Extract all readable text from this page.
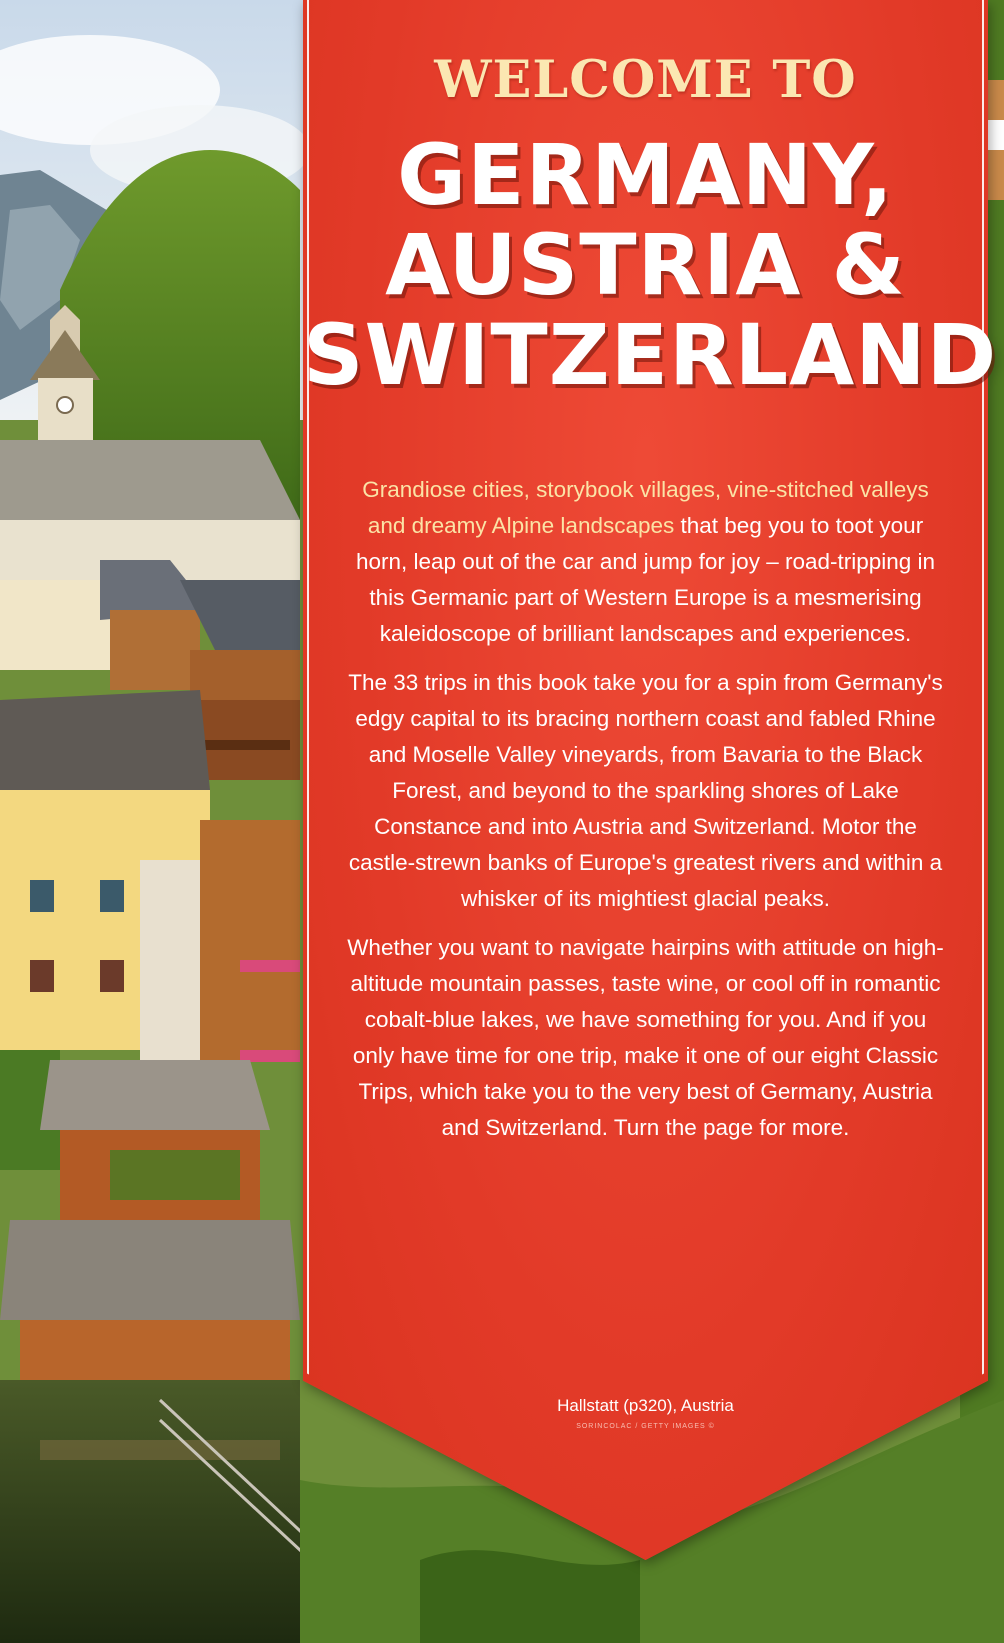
WELCOME TO

GERMANY,
AUSTRIA &
SWITZERLAND

Grandiose cities, storybook villages, vine-stitched valleys and dreamy Alpine landscapes that beg you to toot your horn, leap out of the car and jump for joy – road-tripping in this Germanic part of Western Europe is a mesmerising kaleidoscope of brilliant landscapes and experiences.

The 33 trips in this book take you for a spin from Germany's edgy capital to its bracing northern coast and fabled Rhine and Moselle Valley vineyards, from Bavaria to the Black Forest, and beyond to the sparkling shores of Lake Constance and into Austria and Switzerland. Motor the castle-strewn banks of Europe's greatest rivers and within a whisker of its mightiest glacial peaks.

Whether you want to navigate hairpins with attitude on high-altitude mountain passes, taste wine, or cool off in romantic cobalt-blue lakes, we have something for you. And if you only have time for one trip, make it one of our eight Classic Trips, which take you to the very best of Germany, Austria and Switzerland. Turn the page for more.

Hallstatt (p320), Austria
SORINCOLAC / GETTY IMAGES ©
